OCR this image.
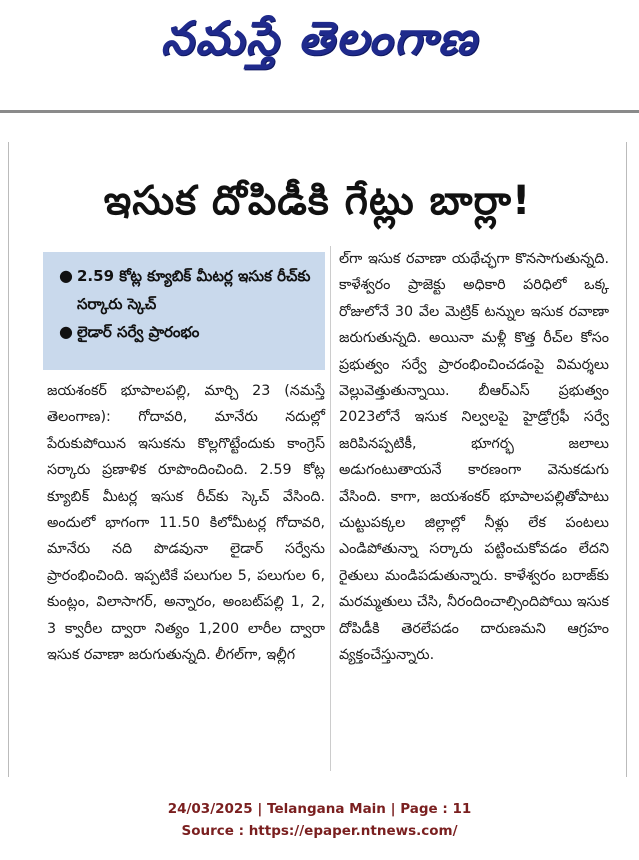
నమస్తే తెలంగాణ
ఇసుక దోపిడీకి గేట్లు బార్లా!
● 2.59 కోట్ల క్యూబిక్ మీటర్ల ఇసుక రీచ్‌కు సర్కారు స్కెచ్
● లైడార్ సర్వే ప్రారంభం

జయశంకర్ భూపాలపల్లి, మార్చి 23 (నమస్తే తెలంగాణ): గోదావరి, మానేరు నదుల్లో పేరుకుపోయిన ఇసుకను కొల్లగొట్టేందుకు కాంగ్రెస్ సర్కారు ప్రణాళిక రూపొందించింది. 2.59 కోట్ల క్యూబిక్ మీటర్ల ఇసుక రీచ్‌కు స్కెచ్ వేసింది. అందులో భాగంగా 11.50 కిలోమీటర్ల గోదావరి, మానేరు నది పొడవునా లైడార్ సర్వేను ప్రారంభించింది. ఇప్పటికే పలుగుల 5, పలుగుల 6, కుంట్లం, విలాసాగర్, అన్నారం, అంబట్‌పల్లి 1, 2, 3 క్వారీల ద్వారా నిత్యం 1,200 లారీల ద్వారా ఇసుక రవాణా జరుగుతున్నది. లీగల్‌గా, ఇల్లీగ

ల్‌గా ఇసుక రవాణా యథేచ్ఛగా కొనసాగుతున్నది. కాళేశ్వరం ప్రాజెక్టు అధికారి పరిధిలో ఒక్క రోజులోనే 30 వేల మెట్రిక్ టన్నుల ఇసుక రవాణా జరుగుతున్నది. అయినా మళ్లీ కొత్త రీచ్‌ల కోసం ప్రభుత్వం సర్వే ప్రారంభించించడంపై విమర్శలు వెల్లువెత్తుతున్నాయి. బీఆర్‌ఎస్ ప్రభుత్వం 2023లోనే ఇసుక నిల్వలపై హైడ్రోగ్రఫీ సర్వే జరిపినప్పటికీ, భూగర్భ జలాలు అడుగంటుతాయనే కారణంగా వెనుకడుగు వేసింది. కాగా, జయశంకర్ భూపాలపల్లితోపాటు చుట్టుపక్కల జిల్లాల్లో నీళ్లు లేక పంటలు ఎండిపోతున్నా సర్కారు పట్టించుకోవడం లేదని రైతులు మండిపడుతున్నారు. కాళేశ్వరం బరాజ్‌కు మరమ్మతులు చేసి, నీరందించాల్సిందిపోయి ఇసుక దోపిడీకి తెరలేపడం దారుణమని ఆగ్రహం వ్యక్తంచేస్తున్నారు.

24/03/2025 | Telangana Main | Page : 11
Source : https://epaper.ntnews.com/
